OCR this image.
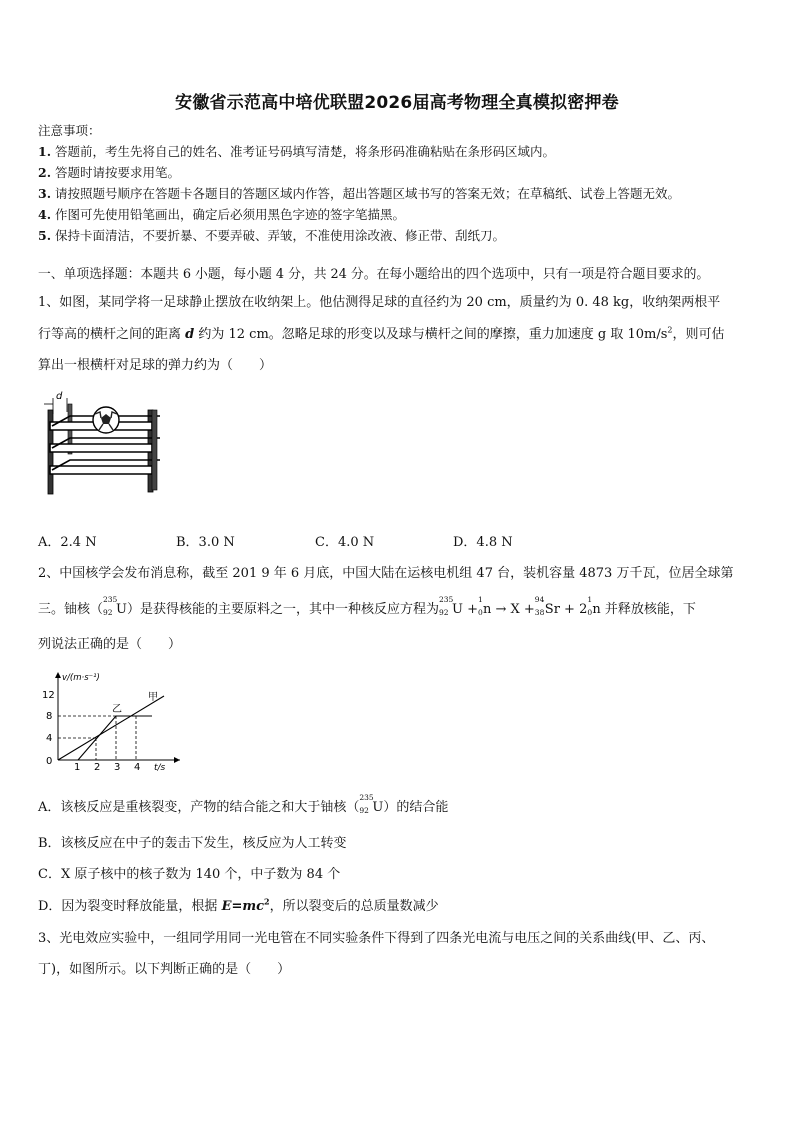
安徽省示范高中培优联盟2026届高考物理全真模拟密押卷
注意事项：
1. 答题前，考生先将自己的姓名、准考证号码填写清楚，将条形码准确粘贴在条形码区域内。
2. 答题时请按要求用笔。
3. 请按照题号顺序在答题卡各题目的答题区域内作答，超出答题区域书写的答案无效；在草稿纸、试卷上答题无效。
4. 作图可先使用铅笔画出，确定后必须用黑色字迹的签字笔描黑。
5. 保持卡面清洁，不要折暴、不要弄破、弄皱，不准使用涂改液、修正带、刮纸刀。
一、单项选择题：本题共 6 小题，每小题 4 分，共 24 分。在每小题给出的四个选项中，只有一项是符合题目要求的。
1、如图，某同学将一足球静止摆放在收纳架上。他估测得足球的直径约为 20 cm，质量约为 0. 48 kg，收纳架两根平
行等高的横杆之间的距离 d 约为 12 cm。忽略足球的形变以及球与横杆之间的摩擦，重力加速度 g 取 $10m/s^2$，则可估
算出一根横杆对足球的弹力约为（　　）
d
A．2.4 N	B．3.0 N	C．4.0 N	D．4.8 N
2、中国核学会发布消息称，截至 201 9 年 6 月底，中国大陆在运核电机组 47 台，装机容量 4873 万千瓦，位居全球第
三。铀核（
235
92 U）是获得核能的主要原料之一，其中一种核反应方程为
235
92 U +
1
0 n → X +
94
38 Sr + 2
1
0 n 并释放核能，下
列说法正确的是（　　）
v/(m·s⁻¹)
t/s
12
8
4
0
1 2 3 4
甲
乙
A．该核反应是重核裂变，产物的结合能之和大于铀核（
235
92 U）的结合能
B．该核反应在中子的轰击下发生，核反应为人工转变
C．X 原子核中的核子数为 140 个，中子数为 84 个
D．因为裂变时释放能量，根据 $E=mc^2$，所以裂变后的总质量数减少
3、光电效应实验中，一组同学用同一光电管在不同实验条件下得到了四条光电流与电压之间的关系曲线(甲、乙、丙、
丁)，如图所示。以下判断正确的是（　　）
